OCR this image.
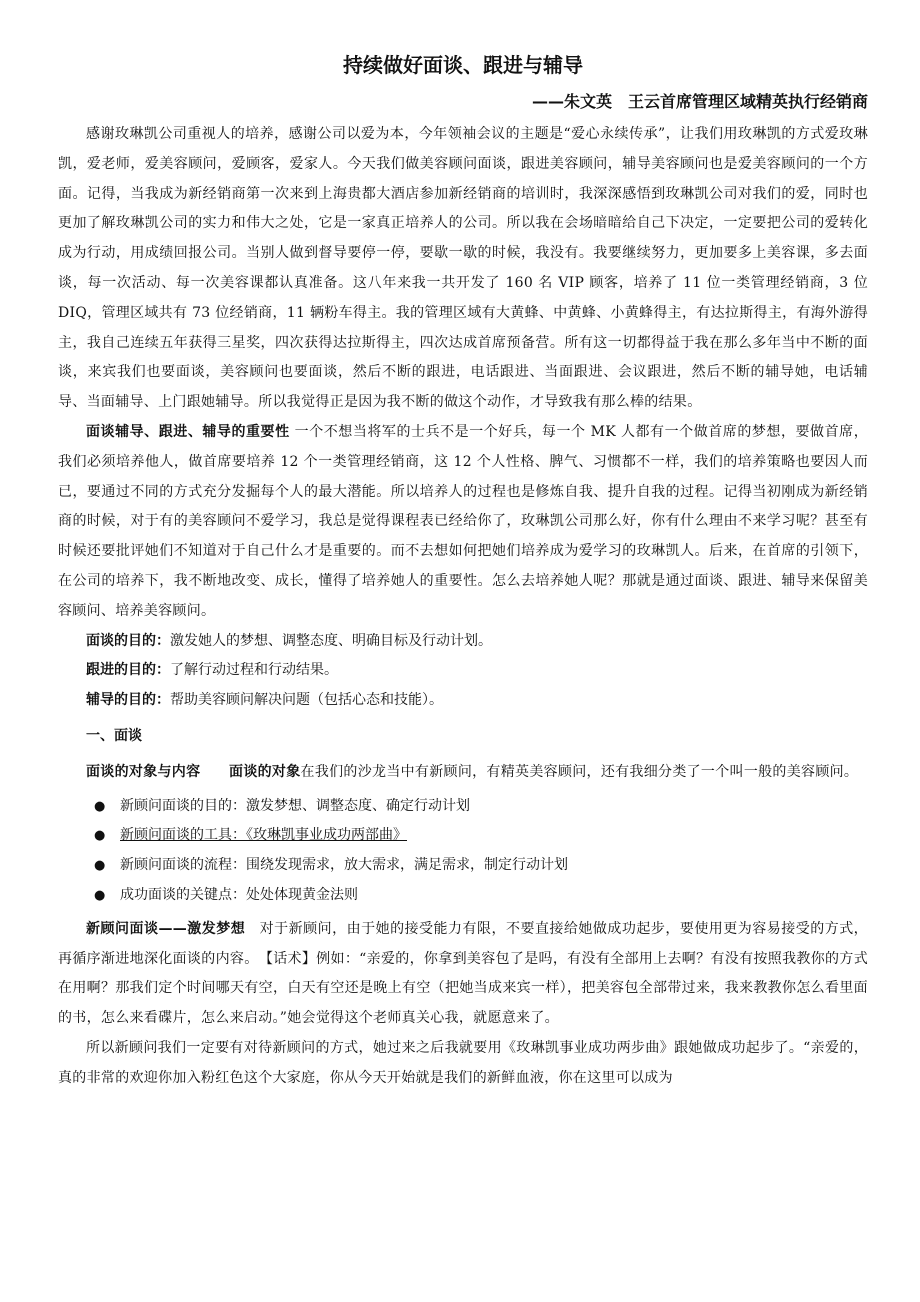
持续做好面谈、跟进与辅导
——朱文英　王云首席管理区域精英执行经销商

感谢玫琳凯公司重视人的培养，感谢公司以爱为本，今年领袖会议的主题是“爱心永续传承”，让我们用玫琳凯的方式爱玫琳凯，爱老师，爱美容顾问，爱顾客，爱家人。今天我们做美容顾问面谈，跟进美容顾问，辅导美容顾问也是爱美容顾问的一个方面。记得，当我成为新经销商第一次来到上海贵都大酒店参加新经销商的培训时，我深深感悟到玫琳凯公司对我们的爱，同时也更加了解玫琳凯公司的实力和伟大之处，它是一家真正培养人的公司。所以我在会场暗暗给自己下决定，一定要把公司的爱转化成为行动，用成绩回报公司。当别人做到督导要停一停，要歇一歇的时候，我没有。我要继续努力，更加要多上美容课，多去面谈，每一次活动、每一次美容课都认真准备。这八年来我一共开发了 160 名 VIP 顾客，培养了 11 位一类管理经销商，3 位 DIQ，管理区域共有 73 位经销商，11 辆粉车得主。我的管理区域有大黄蜂、中黄蜂、小黄蜂得主，有达拉斯得主，有海外游得主，我自己连续五年获得三星奖，四次获得达拉斯得主，四次达成首席预备营。所有这一切都得益于我在那么多年当中不断的面谈，来宾我们也要面谈，美容顾问也要面谈，然后不断的跟进，电话跟进、当面跟进、会议跟进，然后不断的辅导她，电话辅导、当面辅导、上门跟她辅导。所以我觉得正是因为我不断的做这个动作，才导致我有那么棒的结果。

面谈辅导、跟进、辅导的重要性 一个不想当将军的士兵不是一个好兵，每一个 MK 人都有一个做首席的梦想，要做首席，我们必须培养他人，做首席要培养 12 个一类管理经销商，这 12 个人性格、脾气、习惯都不一样，我们的培养策略也要因人而已，要通过不同的方式充分发掘每个人的最大潜能。所以培养人的过程也是修炼自我、提升自我的过程。记得当初刚成为新经销商的时候，对于有的美容顾问不爱学习，我总是觉得课程表已经给你了，玫琳凯公司那么好，你有什么理由不来学习呢？甚至有时候还要批评她们不知道对于自己什么才是重要的。而不去想如何把她们培养成为爱学习的玫琳凯人。后来，在首席的引领下，在公司的培养下，我不断地改变、成长，懂得了培养她人的重要性。怎么去培养她人呢？那就是通过面谈、跟进、辅导来保留美容顾问、培养美容顾问。

面谈的目的：激发她人的梦想、调整态度、明确目标及行动计划。
跟进的目的：了解行动过程和行动结果。
辅导的目的：帮助美容顾问解决问题（包括心态和技能）。
一、面谈

面谈的对象与内容　　 面谈的对象在我们的沙龙当中有新顾问，有精英美容顾问，还有我细分类了一个叫一般的美容顾问。

● 新顾问面谈的目的：激发梦想、调整态度、确定行动计划
● 新顾问面谈的工具：《玫琳凯事业成功两部曲》
● 新顾问面谈的流程：围绕发现需求，放大需求，满足需求，制定行动计划
● 成功面谈的关键点：处处体现黄金法则

新顾问面谈——激发梦想　对于新顾问，由于她的接受能力有限，不要直接给她做成功起步，要使用更为容易接受的方式，再循序渐进地深化面谈的内容。　【话术】例如：“亲爱的，你拿到美容包了是吗，有没有全部用上去啊？有没有按照我教你的方式在用啊？那我们定个时间哪天有空，白天有空还是晚上有空（把她当成来宾一样），把美容包全部带过来，我来教教你怎么看里面的书，怎么来看碟片，怎么来启动。”她会觉得这个老师真关心我，就愿意来了。

所以新顾问我们一定要有对待新顾问的方式，她过来之后我就要用《玫琳凯事业成功两步曲》跟她做成功起步了。“亲爱的，真的非常的欢迎你加入粉红色这个大家庭，你从今天开始就是我们的新鲜血液，你在这里可以成为
